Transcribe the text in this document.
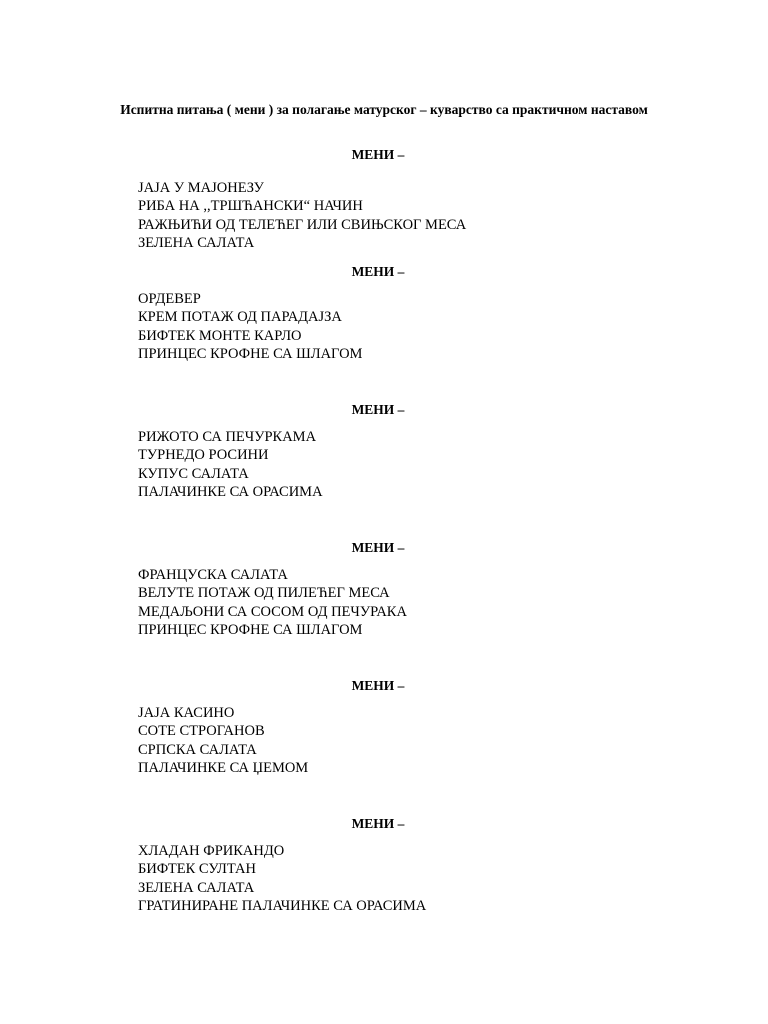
Испитна питања ( мени ) за полагање матурског – куварство са практичном наставом
МЕНИ –
ЈАЈА У МАЈОНЕЗУ
РИБА НА ,,ТРШЋАНСКИ“ НАЧИН
РАЖЊИЋИ ОД ТЕЛЕЋЕГ ИЛИ СВИЊСКОГ МЕСА
ЗЕЛЕНА САЛАТА
МЕНИ –
ОРДЕВЕР
КРЕМ ПОТАЖ ОД ПАРАДАЈЗА
БИФТЕК МОНТЕ КАРЛО
ПРИНЦЕС КРОФНЕ СА ШЛАГОМ
МЕНИ –
РИЖОТО СА ПЕЧУРКАМА
ТУРНЕДО РОСИНИ
КУПУС САЛАТА
ПАЛАЧИНКЕ СА ОРАСИМА
МЕНИ –
ФРАНЦУСКА САЛАТА
ВЕЛУТЕ ПОТАЖ ОД ПИЛЕЋЕГ МЕСА
МЕДАЉОНИ СА СОСОМ ОД ПЕЧУРАКА
ПРИНЦЕС КРОФНЕ СА ШЛАГОМ
МЕНИ –
ЈАЈА КАСИНО
СОТЕ СТРОГАНОВ
СРПСКА САЛАТА
ПАЛАЧИНКЕ СА ЏЕМОМ
МЕНИ –
ХЛАДАН ФРИКАНДО
БИФТЕК СУЛТАН
ЗЕЛЕНА САЛАТА
ГРАТИНИРАНЕ ПАЛАЧИНКЕ СА ОРАСИМА
